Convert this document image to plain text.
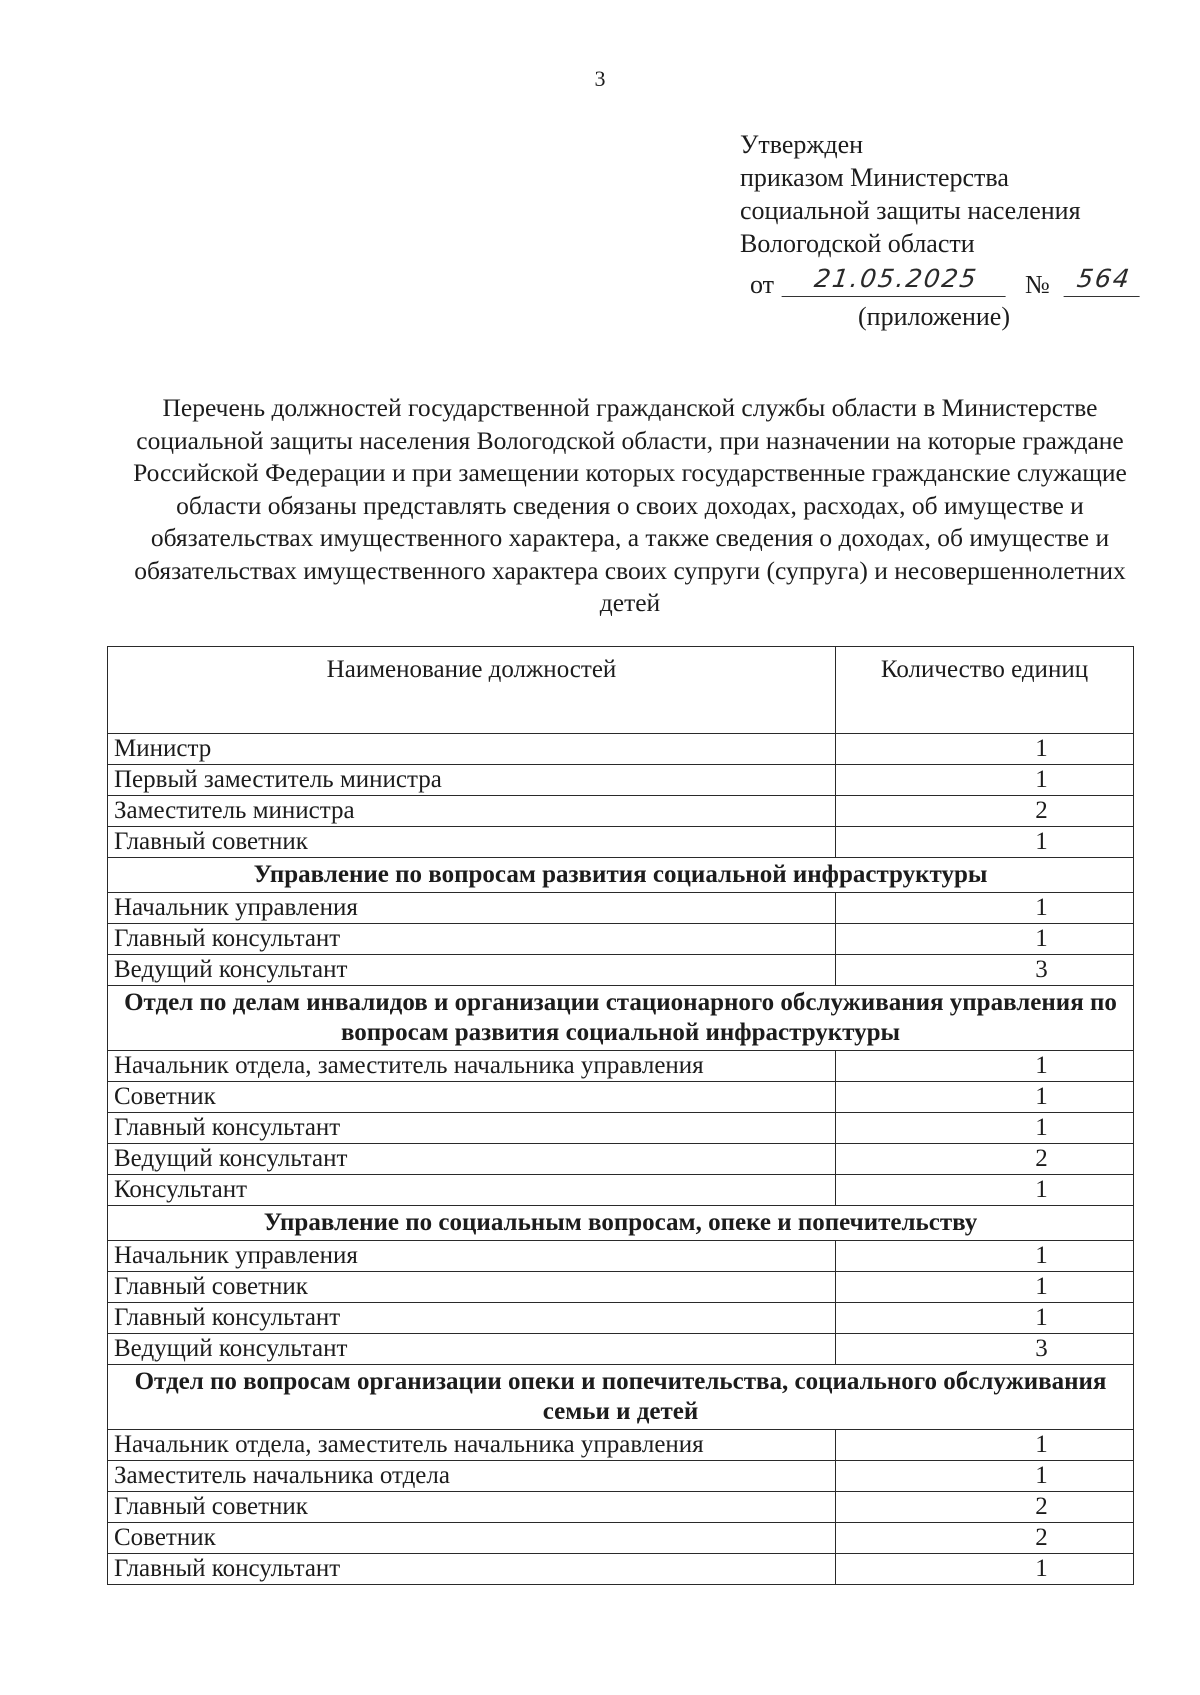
3
Утвержден
приказом Министерства
социальной защиты населения
Вологодской области
от	21.05.2025	№	564
(приложение)
Перечень должностей государственной гражданской службы области в Министерстве социальной защиты населения Вологодской области, при назначении на которые граждане Российской Федерации и при замещении которых государственные гражданские служащие области обязаны представлять сведения о своих доходах, расходах, об имуществе и обязательствах имущественного характера, а также сведения о доходах, об имуществе и обязательствах имущественного характера своих супруги (супруга) и несовершеннолетних детей
Наименование должностей	Количество единиц
Министр	1
Первый заместитель министра	1
Заместитель министра	2
Главный советник	1
Управление по вопросам развития социальной инфраструктуры	
Начальник управления	1
Главный консультант	1
Ведущий консультант	3
Отдел по делам инвалидов и организации стационарного обслуживания управления по вопросам развития социальной инфраструктуры	
Начальник отдела, заместитель начальника управления	1
Советник	1
Главный консультант	1
Ведущий консультант	2
Консультант	1
Управление по социальным вопросам, опеке и попечительству	
Начальник управления	1
Главный советник	1
Главный консультант	1
Ведущий консультант	3
Отдел по вопросам организации опеки и попечительства, социального обслуживания семьи и детей	
Начальник отдела, заместитель начальника управления	1
Заместитель начальника отдела	1
Главный советник	2
Советник	2
Главный консультант	1
